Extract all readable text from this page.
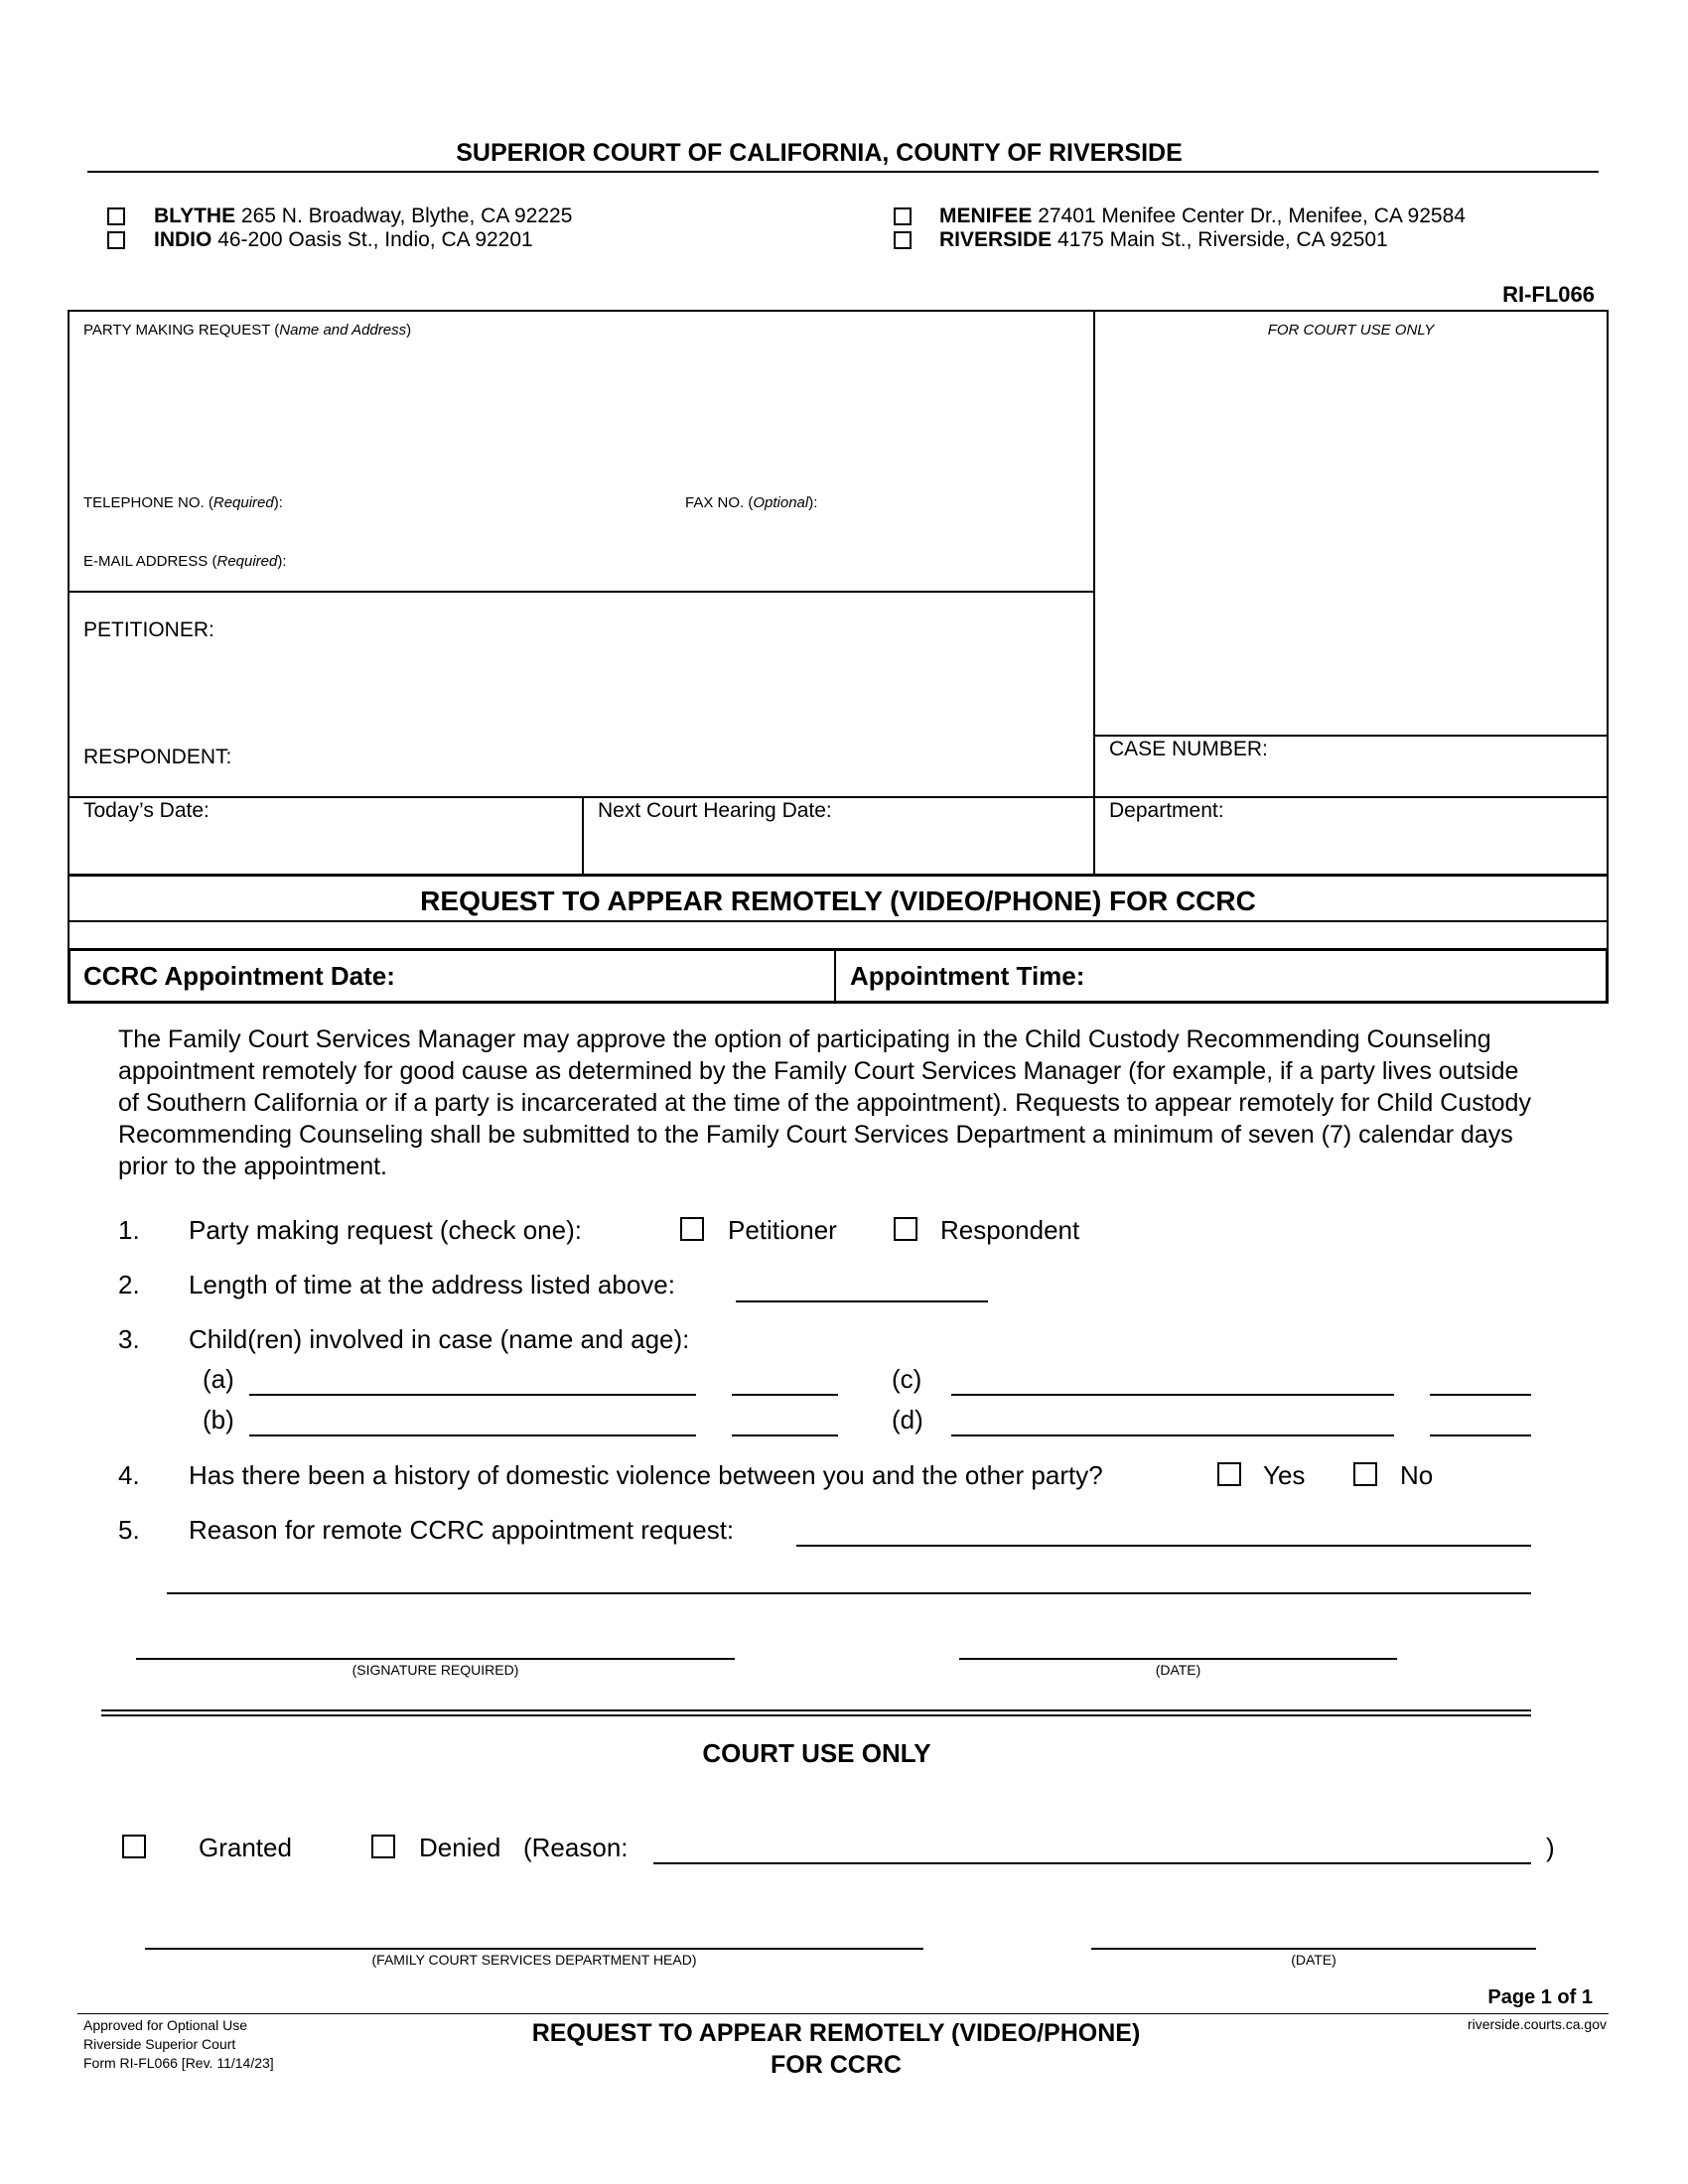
SUPERIOR COURT OF CALIFORNIA, COUNTY OF RIVERSIDE
BLYTHE 265 N. Broadway, Blythe, CA 92225
INDIO 46-200 Oasis St., Indio, CA 92201
MENIFEE 27401 Menifee Center Dr., Menifee, CA 92584
RIVERSIDE 4175 Main St., Riverside, CA 92501
RI-FL066
PARTY MAKING REQUEST (Name and Address)	FOR COURT USE ONLY
TELEPHONE NO. (Required):	FAX NO. (Optional):
E-MAIL ADDRESS (Required):
PETITIONER:
RESPONDENT:	CASE NUMBER:
Today’s Date:	Next Court Hearing Date:	Department:
REQUEST TO APPEAR REMOTELY (VIDEO/PHONE) FOR CCRC
CCRC Appointment Date:	Appointment Time:
The Family Court Services Manager may approve the option of participating in the Child Custody Recommending Counseling appointment remotely for good cause as determined by the Family Court Services Manager (for example, if a party lives outside of Southern California or if a party is incarcerated at the time of the appointment). Requests to appear remotely for Child Custody Recommending Counseling shall be submitted to the Family Court Services Department a minimum of seven (7) calendar days prior to the appointment.
1. Party making request (check one):	Petitioner	Respondent
2. Length of time at the address listed above:
3. Child(ren) involved in case (name and age):
(a)	(c)
(b)	(d)
4. Has there been a history of domestic violence between you and the other party?	Yes	No
5. Reason for remote CCRC appointment request:
(SIGNATURE REQUIRED)	(DATE)
COURT USE ONLY
Granted	Denied (Reason:	)
(FAMILY COURT SERVICES DEPARTMENT HEAD)	(DATE)
Page 1 of 1
Approved for Optional Use
Riverside Superior Court
Form RI-FL066 [Rev. 11/14/23]
REQUEST TO APPEAR REMOTELY (VIDEO/PHONE)
FOR CCRC
riverside.courts.ca.gov
